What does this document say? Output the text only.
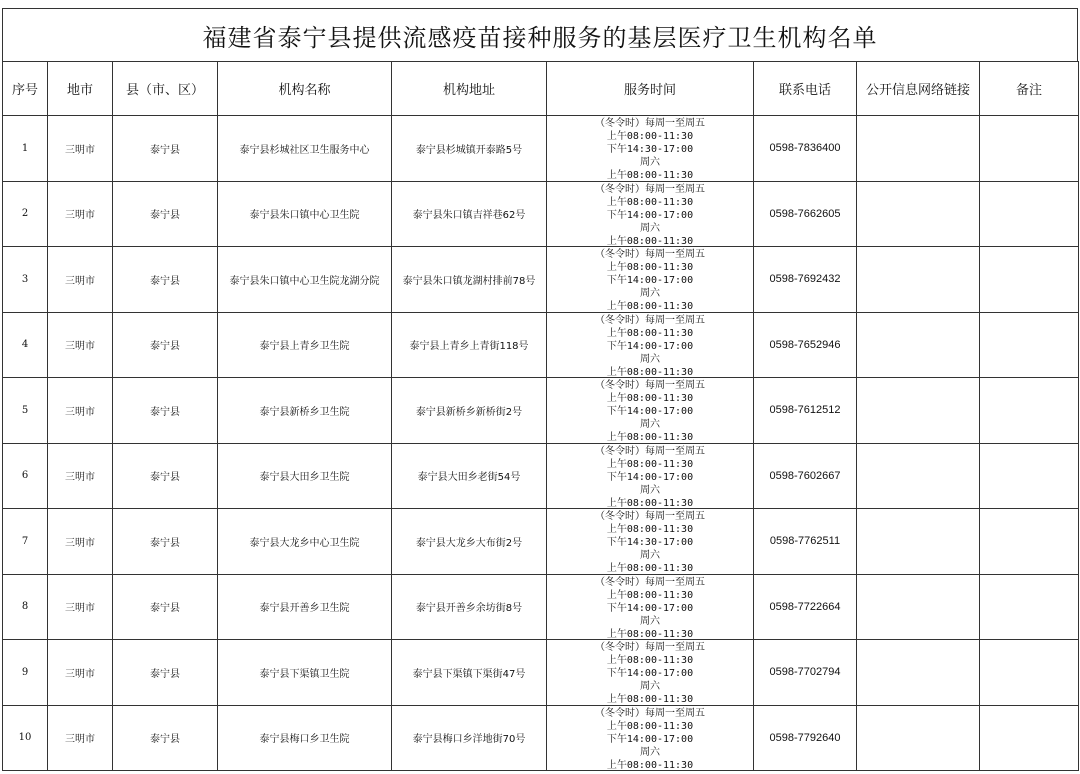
福建省泰宁县提供流感疫苗接种服务的基层医疗卫生机构名单
序号	地市	县（市、区）	机构名称	机构地址	服务时间	联系电话	公开信息网络链接	备注
1	三明市	泰宁县	泰宁县杉城社区卫生服务中心	泰宁县杉城镇开泰路5号	（冬令时）每周一至周五
上午08:00-11:30
下午14:30-17:00
周六
上午08:00-11:30	0598-7836400		
2	三明市	泰宁县	泰宁县朱口镇中心卫生院	泰宁县朱口镇吉祥巷62号	（冬令时）每周一至周五
上午08:00-11:30
下午14:00-17:00
周六
上午08:00-11:30	0598-7662605		
3	三明市	泰宁县	泰宁县朱口镇中心卫生院龙湖分院	泰宁县朱口镇龙湖村排前78号	（冬令时）每周一至周五
上午08:00-11:30
下午14:00-17:00
周六
上午08:00-11:30	0598-7692432		
4	三明市	泰宁县	泰宁县上青乡卫生院	泰宁县上青乡上青街118号	（冬令时）每周一至周五
上午08:00-11:30
下午14:00-17:00
周六
上午08:00-11:30	0598-7652946		
5	三明市	泰宁县	泰宁县新桥乡卫生院	泰宁县新桥乡新桥街2号	（冬令时）每周一至周五
上午08:00-11:30
下午14:00-17:00
周六
上午08:00-11:30	0598-7612512		
6	三明市	泰宁县	泰宁县大田乡卫生院	泰宁县大田乡老街54号	（冬令时）每周一至周五
上午08:00-11:30
下午14:00-17:00
周六
上午08:00-11:30	0598-7602667		
7	三明市	泰宁县	泰宁县大龙乡中心卫生院	泰宁县大龙乡大布街2号	（冬令时）每周一至周五
上午08:00-11:30
下午14:30-17:00
周六
上午08:00-11:30	0598-7762511		
8	三明市	泰宁县	泰宁县开善乡卫生院	泰宁县开善乡余坊街8号	（冬令时）每周一至周五
上午08:00-11:30
下午14:00-17:00
周六
上午08:00-11:30	0598-7722664		
9	三明市	泰宁县	泰宁县下渠镇卫生院	泰宁县下渠镇下渠街47号	（冬令时）每周一至周五
上午08:00-11:30
下午14:00-17:00
周六
上午08:00-11:30	0598-7702794		
10	三明市	泰宁县	泰宁县梅口乡卫生院	泰宁县梅口乡洋地街70号	（冬令时）每周一至周五
上午08:00-11:30
下午14:00-17:00
周六
上午08:00-11:30	0598-7792640		
